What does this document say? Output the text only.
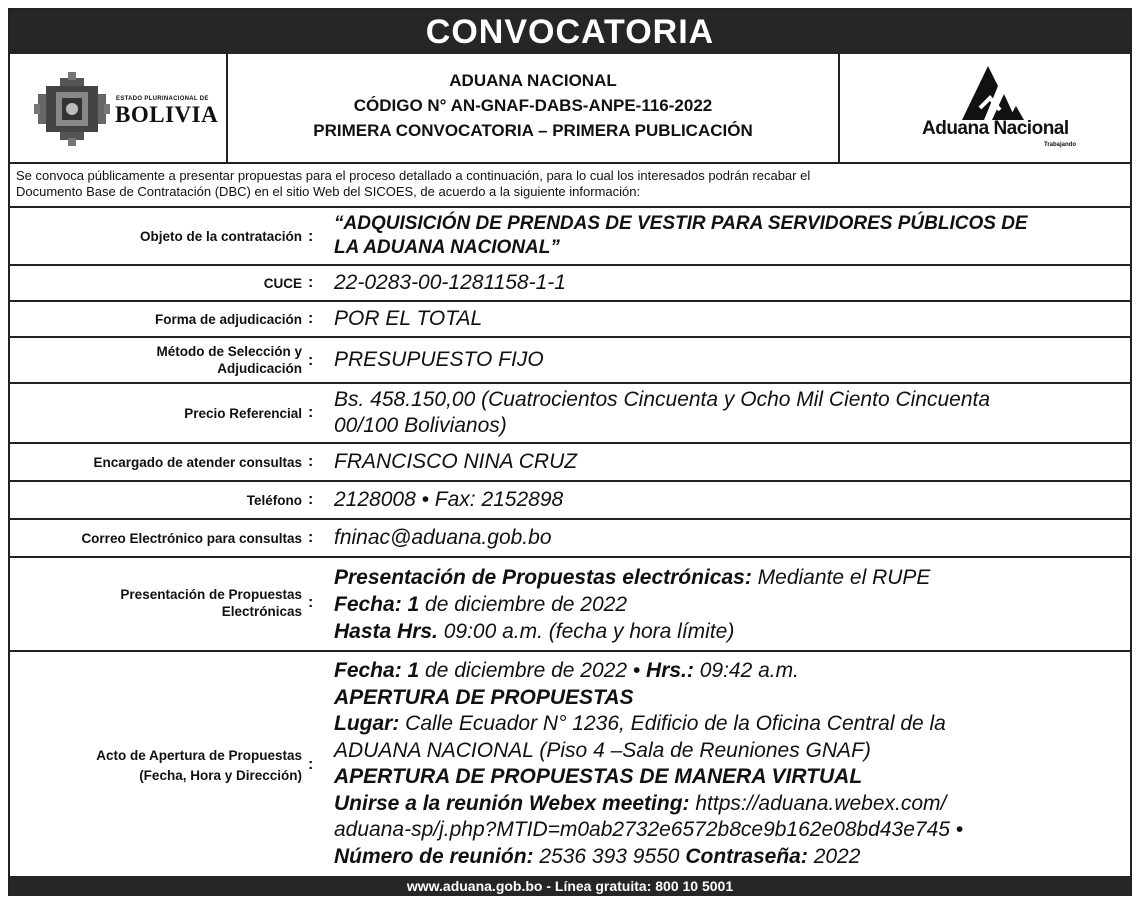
CONVOCATORIA
ESTADO PLURINACIONAL DE
BOLIVIA
ADUANA NACIONAL
CÓDIGO N° AN-GNAF-DABS-ANPE-116-2022
PRIMERA CONVOCATORIA – PRIMERA PUBLICACIÓN	Aduana Nacional
Trabajando
Se convoca públicamente a presentar propuestas para el proceso detallado a continuación, para lo cual los interesados podrán recabar el
Documento Base de Contratación (DBC) en el sitio Web del SICOES, de acuerdo a la siguiente información:
Objeto de la contratación :
“ADQUISICIÓN DE PRENDAS DE VESTIR PARA SERVIDORES PÚBLICOS DE
LA ADUANA NACIONAL”
CUCE : 22-0283-00-1281158-1-1
Forma de adjudicación : POR EL TOTAL
Método de Selección y
Adjudicación : PRESUPUESTO FIJO
Precio Referencial :
Bs. 458.150,00 (Cuatrocientos Cincuenta y Ocho Mil Ciento Cincuenta
00/100 Bolivianos)
Encargado de atender consultas : FRANCISCO NINA CRUZ
Teléfono : 2128008 • Fax: 2152898
Correo Electrónico para consultas : fninac@aduana.gob.bo
Presentación de Propuestas
Electrónicas
:
Presentación de Propuestas electrónicas: Mediante el RUPE
Fecha: 1 de diciembre de 2022
Hasta Hrs. 09:00 a.m. (fecha y hora límite)
Acto de Apertura de Propuestas
(Fecha, Hora y Dirección)
:
Fecha: 1 de diciembre de 2022 • Hrs.: 09:42 a.m.
APERTURA DE PROPUESTAS
Lugar: Calle Ecuador N° 1236, Edificio de la Oficina Central de la
ADUANA NACIONAL (Piso 4 –Sala de Reuniones GNAF)
APERTURA DE PROPUESTAS DE MANERA VIRTUAL
Unirse a la reunión Webex meeting: https://aduana.webex.com/
aduana-sp/j.php?MTID=m0ab2732e6572b8ce9b162e08bd43e745 •
Número de reunión: 2536 393 9550 Contraseña: 2022
www.aduana.gob.bo - Línea gratuita: 800 10 5001
